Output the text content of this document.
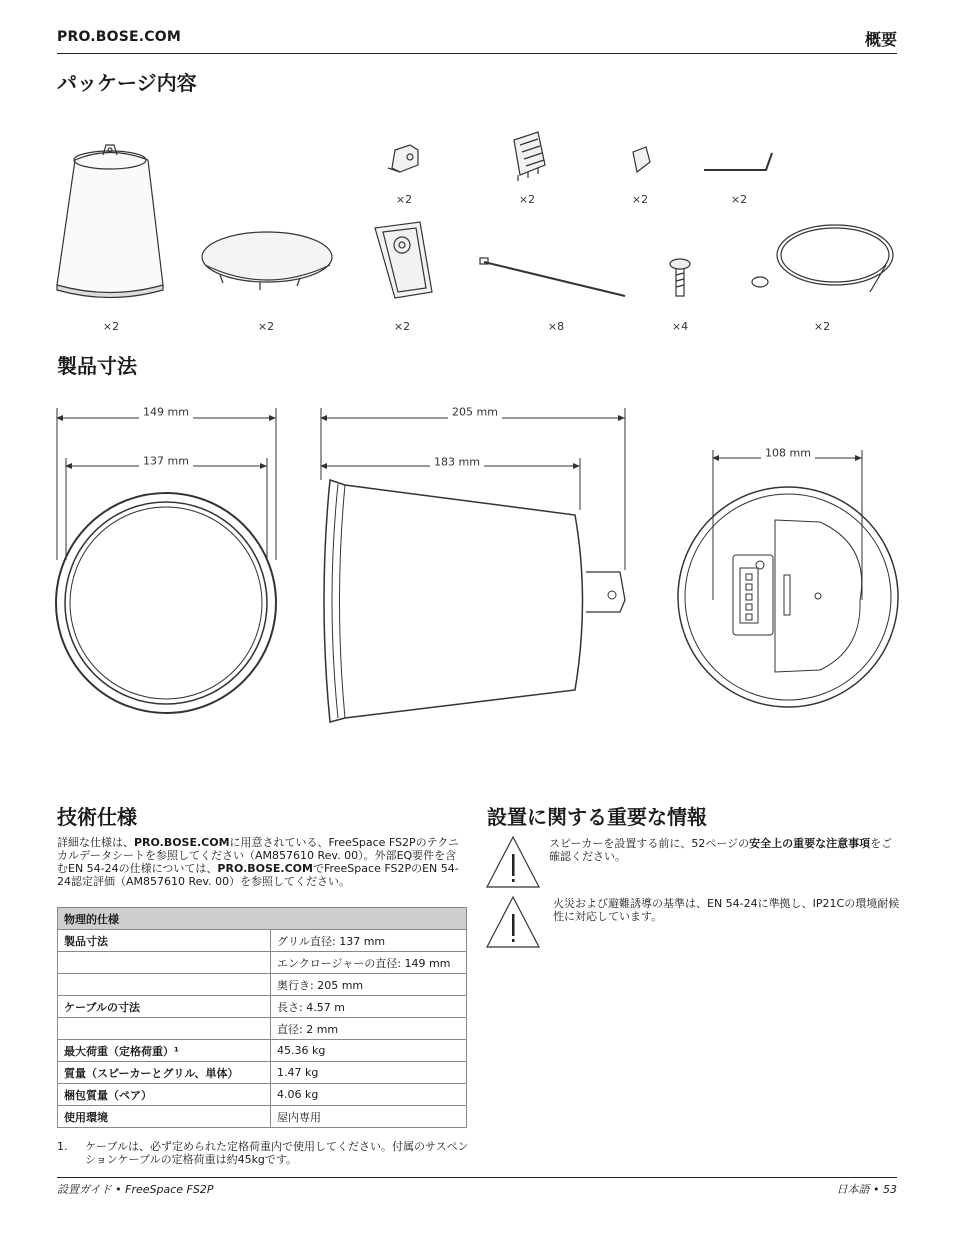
PRO.BOSE.COM	概要
パッケージ内容
×2	×2	×2	×2
×2	×2	×2	×8	×4	×2
製品寸法
149 mm
137 mm
205 mm
183 mm
108 mm
技術仕様
詳細な仕様は、PRO.BOSE.COMに用意されている、FreeSpace FS2Pのテクニカルデータシートを参照してください（AM857610 Rev. 00）。外部EQ要件を含むEN 54-24の仕様については、PRO.BOSE.COMでFreeSpace FS2PのEN 54-24認定評価（AM857610 Rev. 00）を参照してください。
物理的仕様	
製品寸法	グリル直径: 137 mm
	エンクロージャーの直径: 149 mm
	奥行き: 205 mm
ケーブルの寸法	長さ: 4.57 m
	直径: 2 mm
最大荷重（定格荷重）¹	45.36 kg
質量（スピーカーとグリル、単体）	1.47 kg
梱包質量（ペア）	4.06 kg
使用環境	屋内専用
1.	ケーブルは、必ず定められた定格荷重内で使用してください。付属のサスペンションケーブルの定格荷重は約45kgです。
設置に関する重要な情報
スピーカーを設置する前に、52ページの安全上の重要な注意事項をご確認ください。
火災および避難誘導の基準は、EN 54-24に準拠し、IP21Cの環境耐候性に対応しています。
設置ガイド • FreeSpace FS2P	日本語 • 53
